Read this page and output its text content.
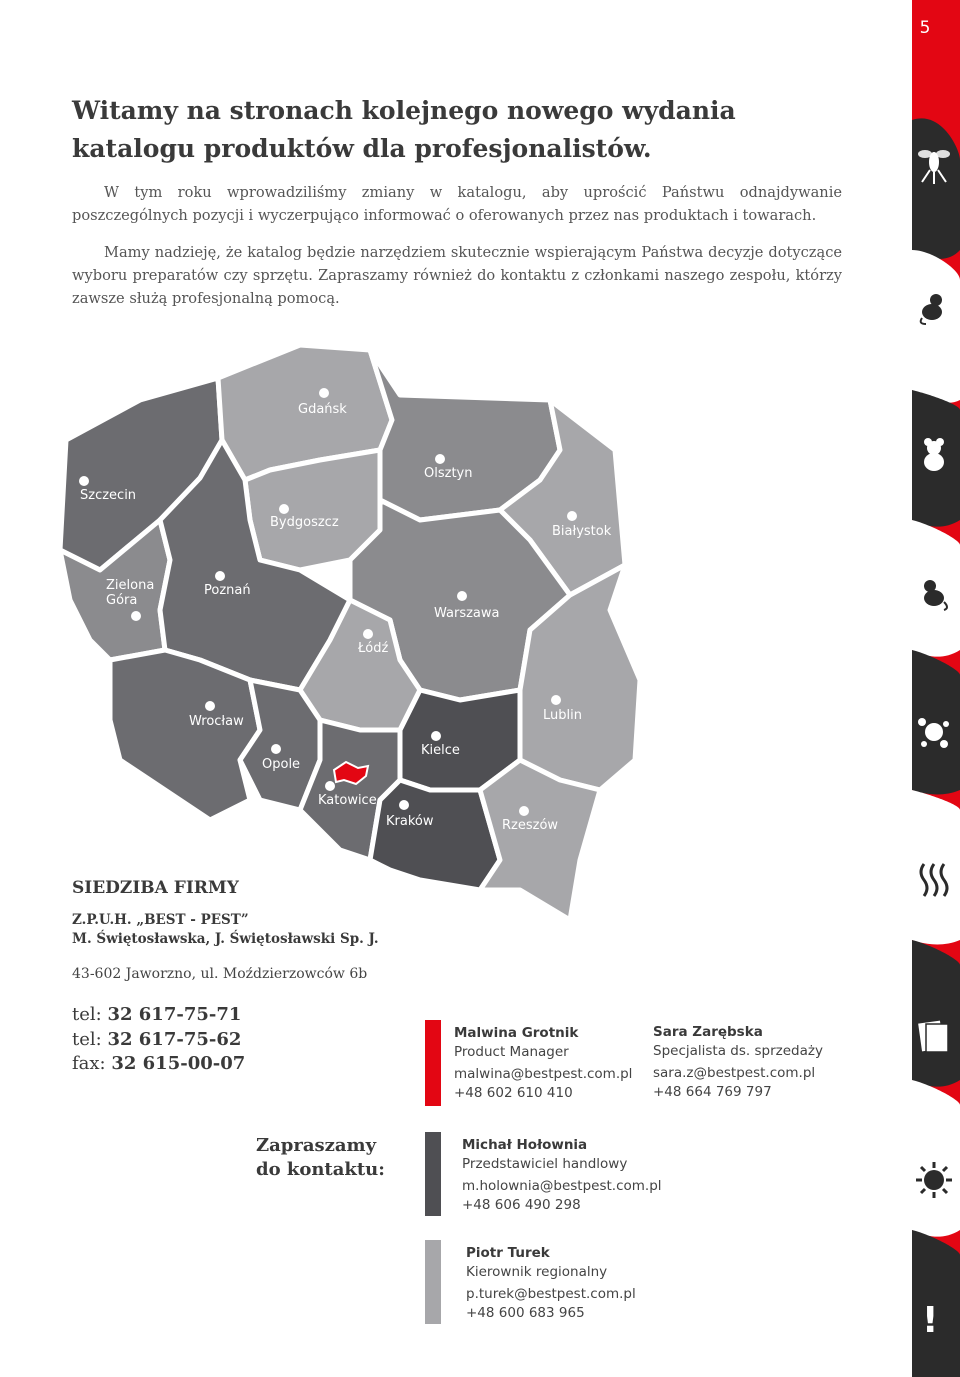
5
!
Witamy na stronach kolejnego nowego wydania katalogu produktów dla profesjonalistów.
W tym roku wprowadziliśmy zmiany w katalogu, aby uprościć Państwu odnajdywanie poszczególnych pozycji i wyczerpująco informować o oferowanych przez nas produktach i towarach.
Mamy nadzieję, że katalog będzie narzędziem skutecznie wspierającym Państwa decyzje dotyczące wyboru preparatów czy sprzętu. Zapraszamy również do kontaktu z członkami naszego zespołu, którzy zawsze służą profesjonalną pomocą.
Gdańsk
Szczecin
Olsztyn
Bydgoszcz
Białystok
Zielona
Góra
Poznań
Warszawa
Łódź
Lublin
Wrocław
Kielce
Opole
Katowice
Kraków	Rzeszów
SIEDZIBA FIRMY
Z.P.U.H. „BEST - PEST”
M. Świętosławska, J. Świętosławski Sp. J.
43-602 Jaworzno, ul. Moździerzowców 6b
tel: 32 617-75-71
tel: 32 617-75-62
fax: 32 615-00-07
Zapraszamy
do kontaktu:
Malwina Grotnik
Product Manager
malwina@bestpest.com.pl
+48 602 610 410
Sara Zarębska
Specjalista ds. sprzedaży
sara.z@bestpest.com.pl
+48 664 769 797
Michał Hołownia
Przedstawiciel handlowy
m.holownia@bestpest.com.pl
+48 606 490 298
Piotr Turek
Kierownik regionalny
p.turek@bestpest.com.pl
+48 600 683 965
